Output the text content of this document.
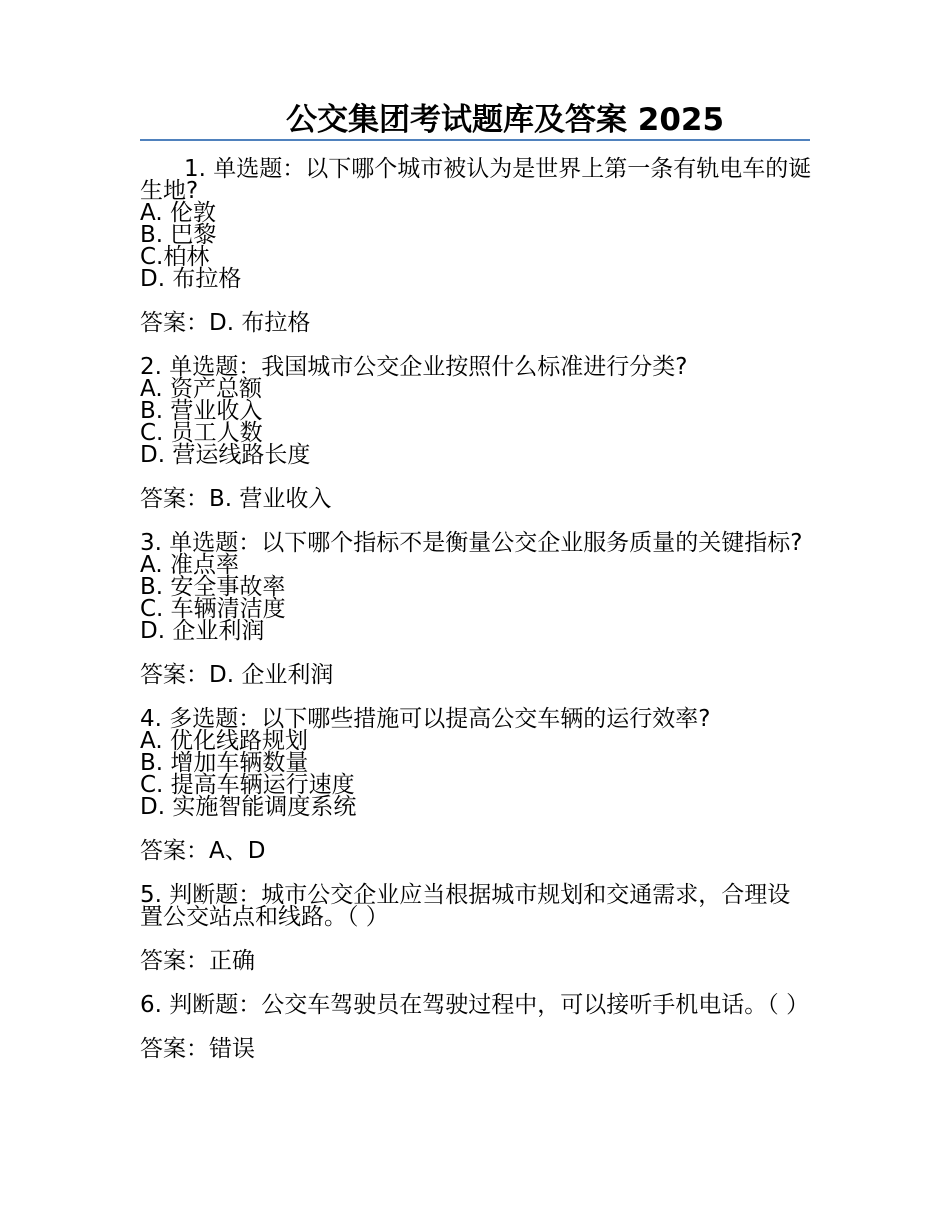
公交集团考试题库及答案 2025
1. 单选题：以下哪个城市被认为是世界上第一条有轨电车的诞生地?
A. 伦敦
B. 巴黎
C.柏林
D. 布拉格
答案：D. 布拉格
2. 单选题：我国城市公交企业按照什么标准进行分类?
A. 资产总额
B. 营业收入
C. 员工人数
D. 营运线路长度
答案：B. 营业收入
3. 单选题：以下哪个指标不是衡量公交企业服务质量的关键指标?
A. 准点率
B. 安全事故率
C. 车辆清洁度
D. 企业利润
答案：D. 企业利润
4. 多选题：以下哪些措施可以提高公交车辆的运行效率?
A. 优化线路规划
B. 增加车辆数量
C. 提高车辆运行速度
D. 实施智能调度系统
答案：A、D
5. 判断题：城市公交企业应当根据城市规划和交通需求，合理设置公交站点和线路。（ ）
答案：正确
6. 判断题：公交车驾驶员在驾驶过程中，可以接听手机电话。（ ）
答案：错误
